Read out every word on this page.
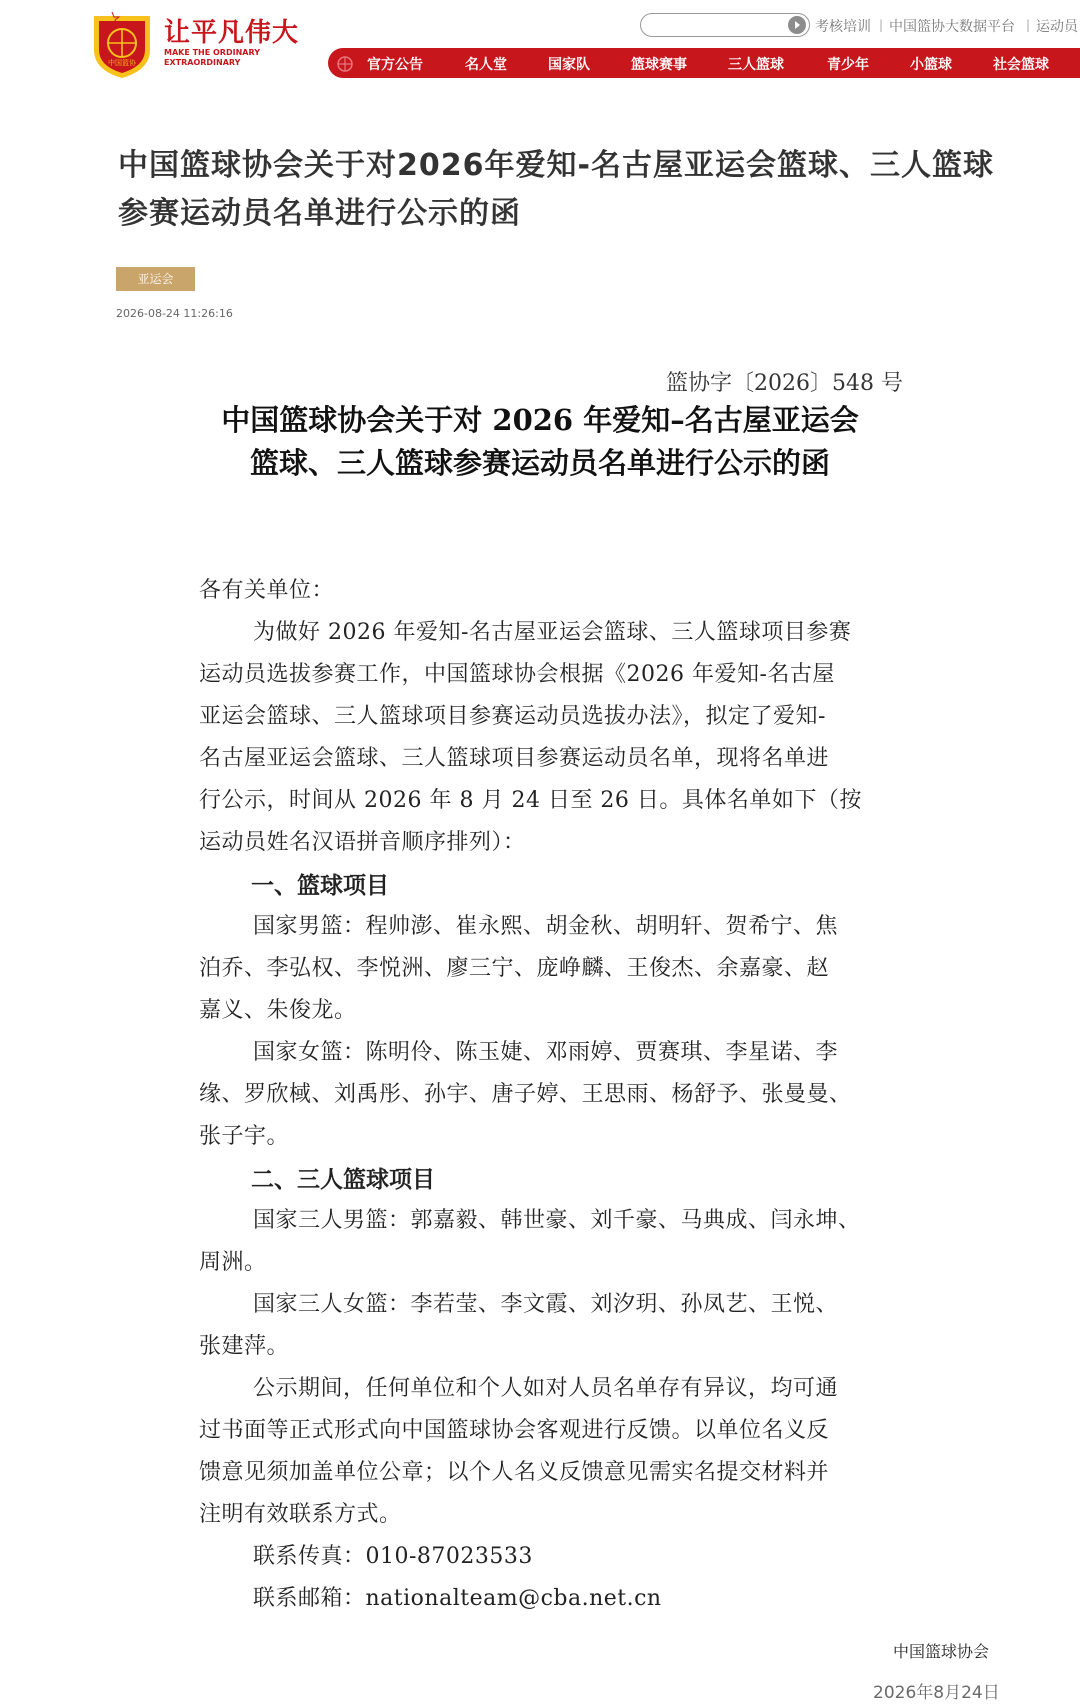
中国篮协
让平凡伟大
MAKE THE ORDINARY
EXTRAORDINARY
考核培训 | 中国篮协大数据平台 | 运动员
官方公告	名人堂	国家队	篮球赛事	三人篮球	青少年	小篮球	社会篮球
中国篮球协会关于对2026年爱知-名古屋亚运会篮球、三人篮球参赛运动员名单进行公示的函
亚运会
2026-08-24 11:26:16
篮协字〔2026〕548 号
中国篮球协会关于对 2026 年爱知–名古屋亚运会
篮球、三人篮球参赛运动员名单进行公示的函
各有关单位：
为做好 2026 年爱知-名古屋亚运会篮球、三人篮球项目参赛
运动员选拔参赛工作，中国篮球协会根据《2026 年爱知-名古屋
亚运会篮球、三人篮球项目参赛运动员选拔办法》，拟定了爱知-
名古屋亚运会篮球、三人篮球项目参赛运动员名单，现将名单进
行公示，时间从 2026 年 8 月 24 日至 26 日。具体名单如下（按
运动员姓名汉语拼音顺序排列）：
一、篮球项目
国家男篮：程帅澎、崔永熙、胡金秋、胡明轩、贺希宁、焦
泊乔、李弘权、李悦洲、廖三宁、庞峥麟、王俊杰、余嘉豪、赵
嘉义、朱俊龙。
国家女篮：陈明伶、陈玉婕、邓雨婷、贾赛琪、李星诺、李
缘、罗欣棫、刘禹彤、孙宇、唐子婷、王思雨、杨舒予、张曼曼、
张子宇。
二、三人篮球项目
国家三人男篮：郭嘉毅、韩世豪、刘千豪、马典成、闫永坤、
周洲。
国家三人女篮：李若莹、李文霞、刘汐玥、孙凤艺、王悦、
张建萍。
公示期间，任何单位和个人如对人员名单存有异议，均可通
过书面等正式形式向中国篮球协会客观进行反馈。以单位名义反
馈意见须加盖单位公章；以个人名义反馈意见需实名提交材料并
注明有效联系方式。
联系传真：010-87023533
联系邮箱：nationalteam@cba.net.cn
中国篮球协会
2026年8月24日
